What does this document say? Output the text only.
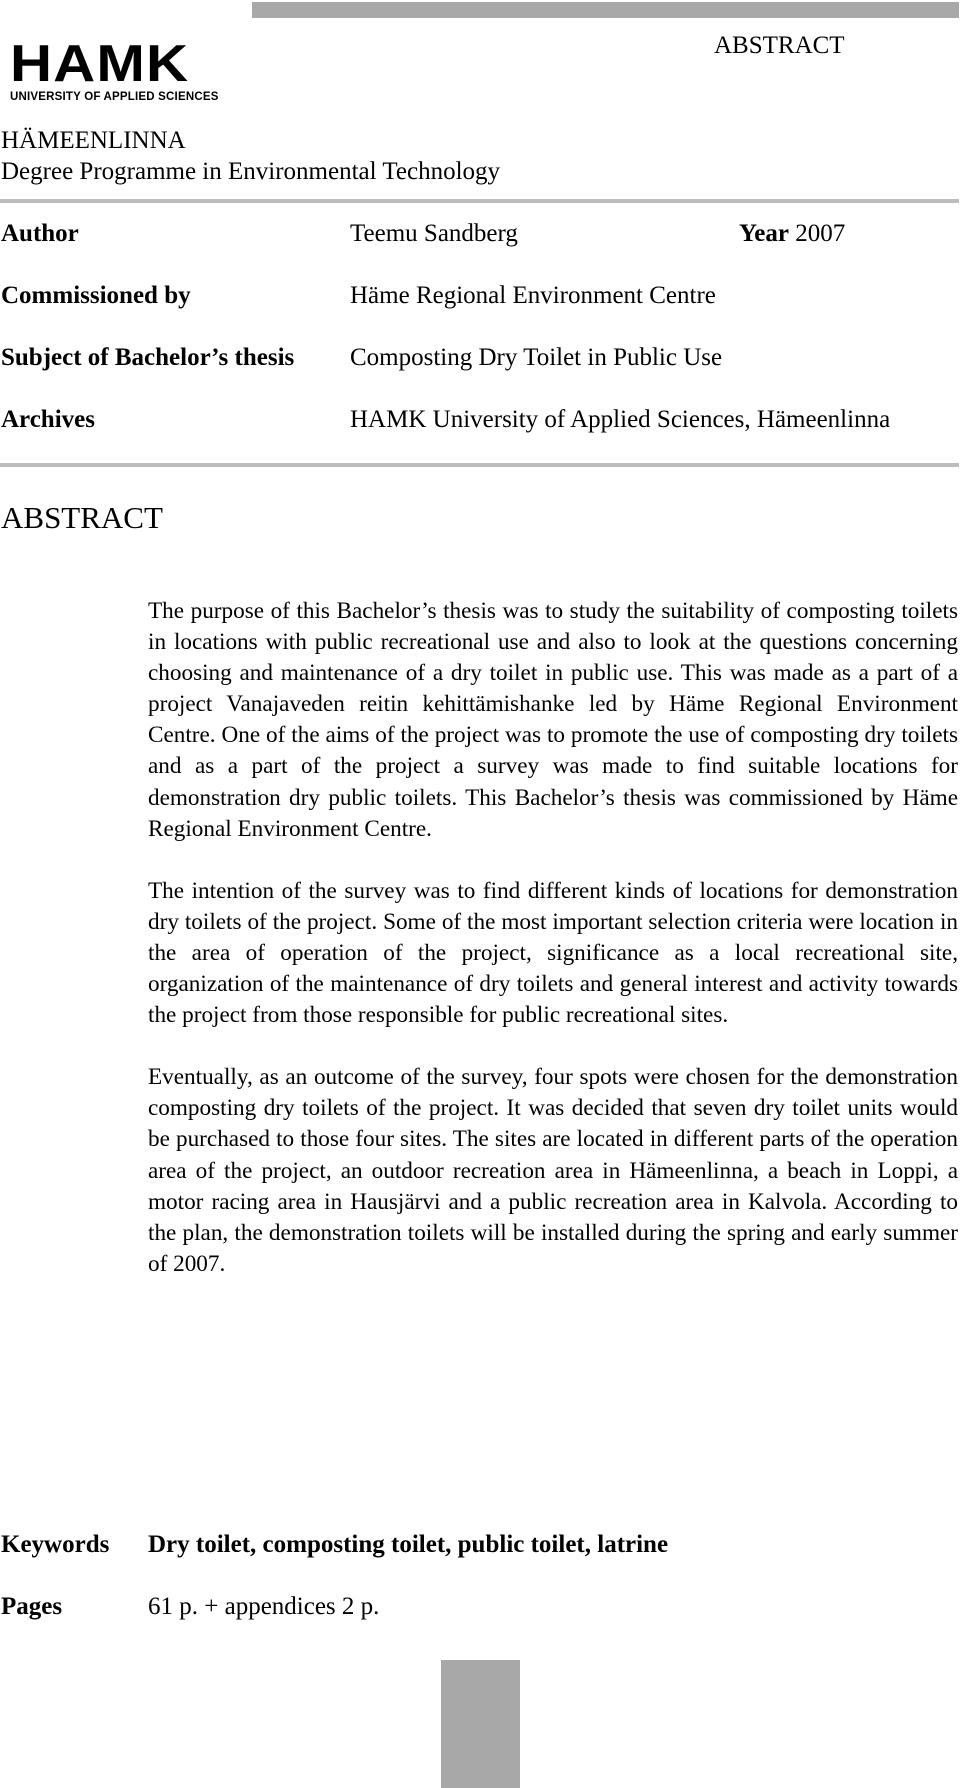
HAMK
UNIVERSITY OF APPLIED SCIENCES
ABSTRACT
HÄMEENLINNA
Degree Programme in Environmental Technology
Author	Teemu Sandberg	Year 2007
Commissioned by	Häme Regional Environment Centre
Subject of Bachelor’s thesis Composting Dry Toilet in Public Use
Archives	HAMK University of Applied Sciences, Hämeenlinna
ABSTRACT

The purpose of this Bachelor’s thesis was to study the suitability of composting toilets in locations with public recreational use and also to look at the questions concerning choosing and maintenance of a dry toilet in public use. This was made as a part of a project Vanajaveden reitin kehittämishanke led by Häme Regional Environment Centre. One of the aims of the project was to promote the use of composting dry toilets and as a part of the project a survey was made to find suitable locations for demonstration dry public toilets. This Bachelor’s thesis was commissioned by Häme Regional Environment Centre.

The intention of the survey was to find different kinds of locations for demonstration dry toilets of the project. Some of the most important selection criteria were location in the area of operation of the project, significance as a local recreational site, organization of the maintenance of dry toilets and general interest and activity towards the project from those responsible for public recreational sites.

Eventually, as an outcome of the survey, four spots were chosen for the demonstration composting dry toilets of the project. It was decided that seven dry toilet units would be purchased to those four sites. The sites are located in different parts of the operation area of the project, an outdoor recreation area in Hämeenlinna, a beach in Loppi, a motor racing area in Hausjärvi and a public recreation area in Kalvola. According to the plan, the demonstration toilets will be installed during the spring and early summer of 2007.

Keywords Dry toilet, composting toilet, public toilet, latrine
Pages	61 p. + appendices 2 p.
